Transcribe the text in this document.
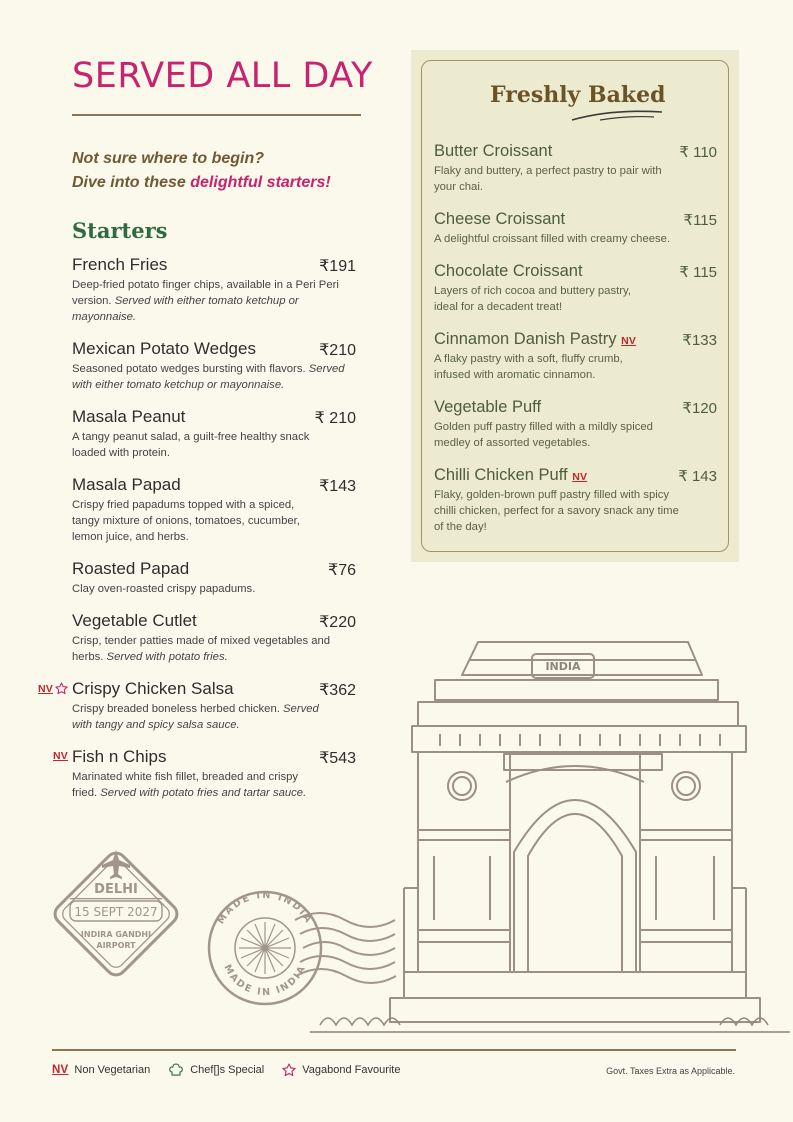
SERVED ALL DAY
Not sure where to begin?
Dive into these delightful starters!
Starters
French Fries	₹191
Deep-fried potato finger chips, available in a Peri Peri version. Served with either tomato ketchup or mayonnaise.
Mexican Potato Wedges	₹210
Seasoned potato wedges bursting with flavors. Served with either tomato ketchup or mayonnaise.
Masala Peanut	₹ 210
A tangy peanut salad, a guilt-free healthy snack loaded with protein.
Masala Papad	₹143
Crispy fried papadums topped with a spiced, tangy mixture of onions, tomatoes, cucumber, lemon juice, and herbs.
Roasted Papad	₹76
Clay oven-roasted crispy papadums.
Vegetable Cutlet	₹220
Crisp, tender patties made of mixed vegetables and herbs. Served with potato fries.
NV Crispy Chicken Salsa	₹362
Crispy breaded boneless herbed chicken. Served with tangy and spicy salsa sauce.
NV Fish n Chips	₹543
Marinated white fish fillet, breaded and crispy fried. Served with potato fries and tartar sauce.
Freshly Baked
Butter Croissant	₹ 110
Flaky and buttery, a perfect pastry to pair with your chai.
Cheese Croissant	₹115
A delightful croissant filled with creamy cheese.
Chocolate Croissant	₹ 115
Layers of rich cocoa and buttery pastry, ideal for a decadent treat!
Cinnamon Danish Pastry NV	₹133
A flaky pastry with a soft, fluffy crumb, infused with aromatic cinnamon.
Vegetable Puff	₹120
Golden puff pastry filled with a mildly spiced medley of assorted vegetables.
Chilli Chicken Puff NV	₹ 143
Flaky, golden-brown puff pastry filled with spicy chilli chicken, perfect for a savory snack any time of the day!
INDIA
DELHI
15 SEPT 2027
INDIRA GANDHI
AIRPORT
MADE IN INDIA
MADE IN INDIA
NV Non Vegetarian	Chef[]s Special	Vagabond Favourite	Govt. Taxes Extra as Applicable.
